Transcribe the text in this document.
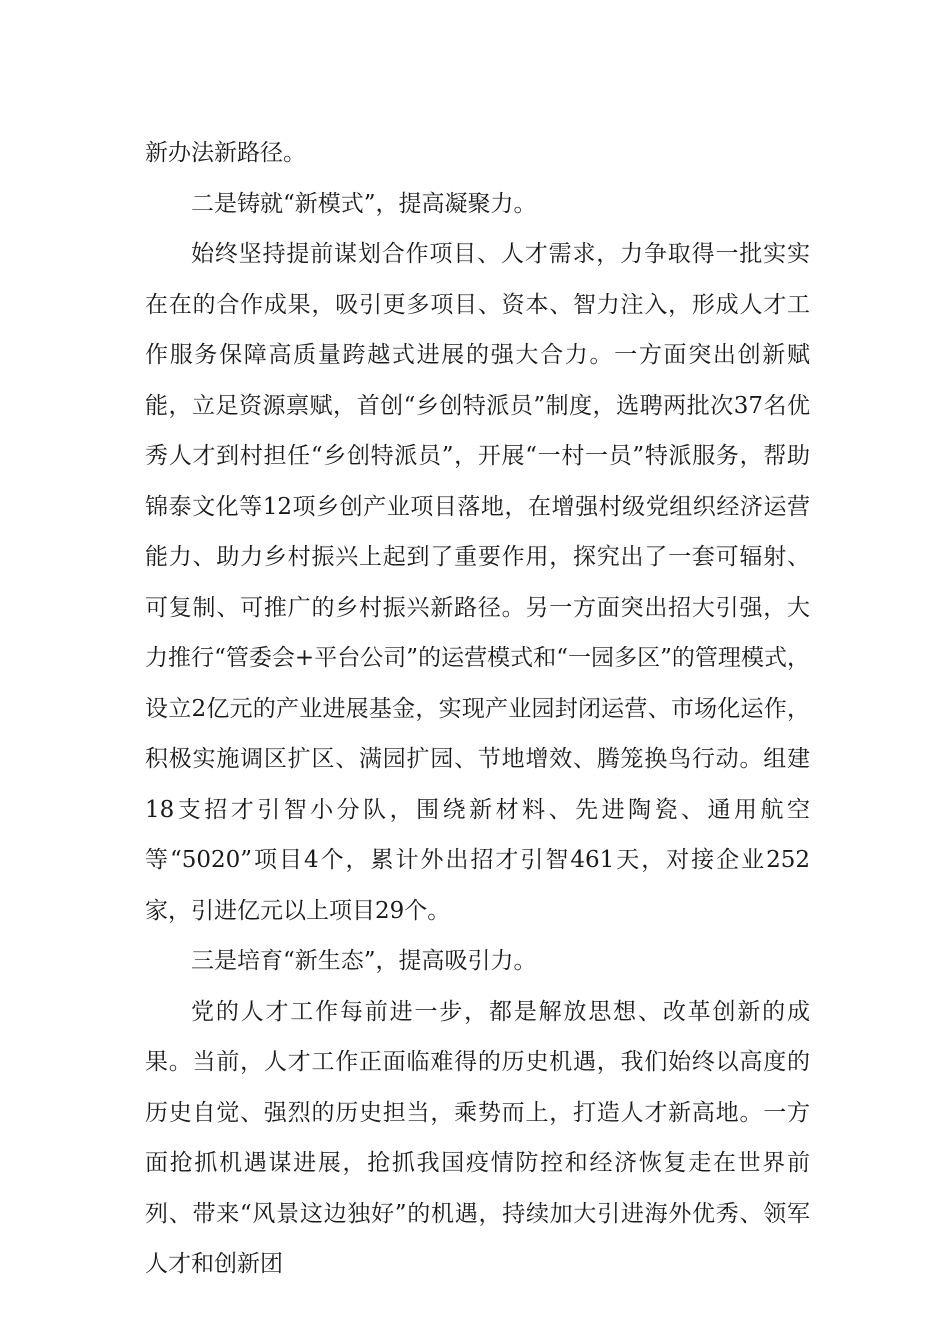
新办法新路径。

二是铸就“新模式”，提高凝聚力。

始终坚持提前谋划合作项目、人才需求，力争取得一批实实在在的合作成果，吸引更多项目、资本、智力注入，形成人才工作服务保障高质量跨越式进展的强大合力。一方面突出创新赋能，立足资源禀赋，首创“乡创特派员”制度，选聘两批次37名优秀人才到村担任“乡创特派员”，开展“一村一员”特派服务，帮助锦泰文化等12项乡创产业项目落地，在增强村级党组织经济运营能力、助力乡村振兴上起到了重要作用，探究出了一套可辐射、可复制、可推广的乡村振兴新路径。另一方面突出招大引强，大力推行“管委会+平台公司”的运营模式和“一园多区”的管理模式，设立2亿元的产业进展基金，实现产业园封闭运营、市场化运作，积极实施调区扩区、满园扩园、节地增效、腾笼换鸟行动。组建18支招才引智小分队，围绕新材料、先进陶瓷、通用航空等“5020”项目4个，累计外出招才引智461天，对接企业252家，引进亿元以上项目29个。

三是培育“新生态”，提高吸引力。

党的人才工作每前进一步，都是解放思想、改革创新的成果。当前，人才工作正面临难得的历史机遇，我们始终以高度的历史自觉、强烈的历史担当，乘势而上，打造人才新高地。一方面抢抓机遇谋进展，抢抓我国疫情防控和经济恢复走在世界前列、带来“风景这边独好”的机遇，持续加大引进海外优秀、领军人才和创新团
